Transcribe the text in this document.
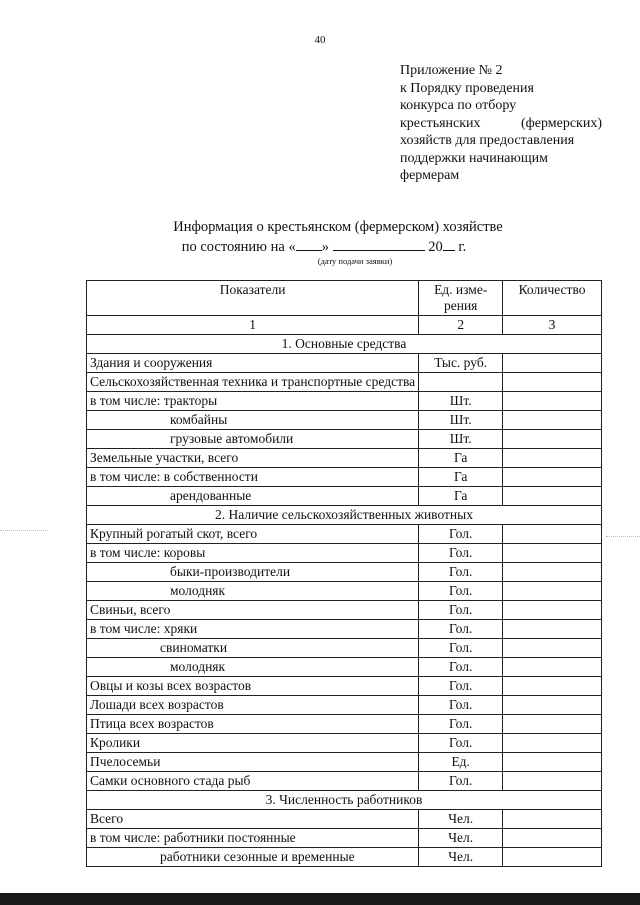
40
Приложение № 2
к Порядку проведения
конкурса по отбору
крестьянских	(фермерских)
хозяйств для предоставления
поддержки начинающим
фермерам
Информация о крестьянском (фермерском) хозяйстве
по состоянию на « »	20 г.
(дату подачи заявки)
Показатели	Ед. изме-рения	Количество
1	2	3
1. Основные средства		
Здания и сооружения	Тыс. руб.	
Сельскохозяйственная техника и транспортные средства		
в том числе: тракторы	Шт.	
комбайны	Шт.	
грузовые автомобили	Шт.	
Земельные участки, всего	Га	
в том числе: в собственности	Га	
арендованные	Га	
2. Наличие сельскохозяйственных животных		
Крупный рогатый скот, всего	Гол.	
в том числе: коровы	Гол.	
быки-производители	Гол.	
молодняк	Гол.	
Свиньи, всего	Гол.	
в том числе: хряки	Гол.	
свиноматки	Гол.	
молодняк	Гол.	
Овцы и козы всех возрастов	Гол.	
Лошади всех возрастов	Гол.	
Птица всех возрастов	Гол.	
Кролики	Гол.	
Пчелосемьи	Ед.	
Самки основного стада рыб	Гол.	
3. Численность работников		
Всего	Чел.	
в том числе: работники постоянные	Чел.	
работники сезонные и временные	Чел.	
